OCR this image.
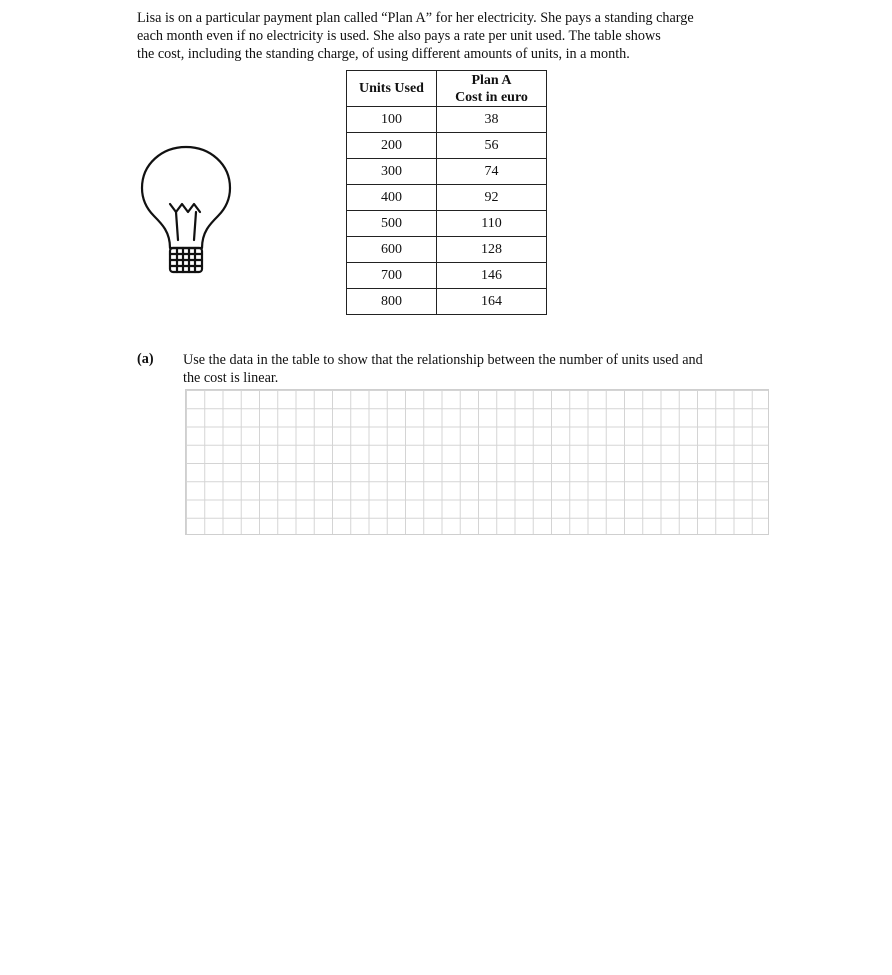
Lisa is on a particular payment plan called “Plan A” for her electricity. She pays a standing charge
each month even if no electricity is used. She also pays a rate per unit used. The table shows
the cost, including the standing charge, of using different amounts of units, in a month.
Units Used	Plan A
Cost in euro

100	38
200	56
300	74
400	92
500	110
600	128
700	146
800	164
(a) Use the data in the table to show that the relationship between the number of units used and
the cost is linear.
